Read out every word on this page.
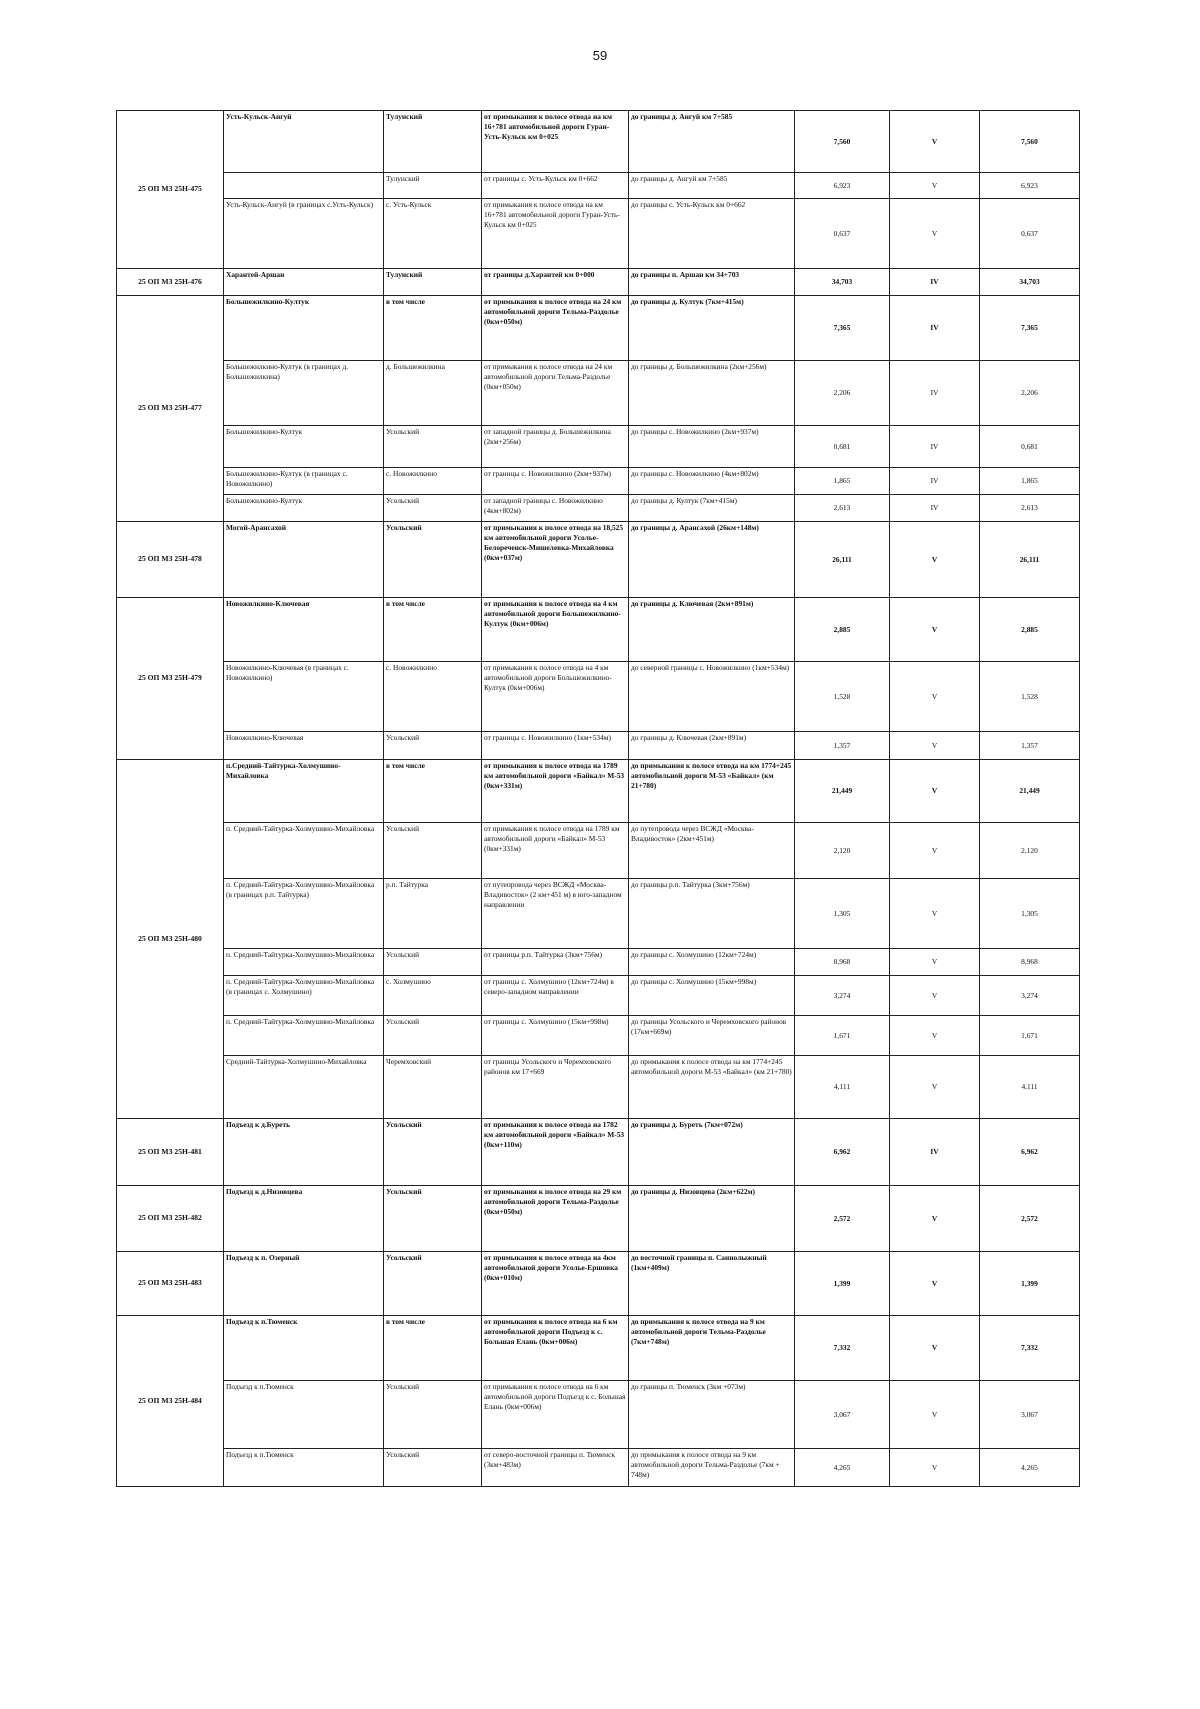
59
25 ОП МЗ 25Н-475	Усть-Кульск-Ангуй	Тулунский	от примыкания к полосе отвода на км 16+781 автомобильной дороги Гуран-Усть-Кульск км 0+025	до границы д. Ангуй км 7+585	7,560	V	7,560
		Тулунский	от границы с. Усть-Кульск км 0+662	до границы д. Ангуй км 7+585	6,923	V	6,923
	Усть-Кульск-Ангуй (в границах с.Усть-Кульск)	с. Усть-Кульск	от примыкания к полосе отвода на км 16+781 автомобильной дороги Гуран-Усть-Кульск км 0+025	до границы с. Усть-Кульск км 0+662	0,637	V	0,637
25 ОП МЗ 25Н-476	Харантей-Аршан	Тулунский	от границы д.Харантей км 0+000	до границы п. Аршан км 34+703	34,703	IV	34,703
25 ОП МЗ 25Н-477	Большежилкино-Култук	в том числе	от примыкания к полосе отвода на 24 км автомобильной дороги Тельма-Раздолье (0км+050м)	до границы д. Култук (7км+415м)	7,365	IV	7,365
	Большежилкино-Култук (в границах д. Большежилкина)	д. Большежилкина	от примыкания к полосе отвода на 24 км автомобильной дороги Тельма-Раздолье (0км+050м)	до границы д. Большежилкина (2км+256м)	2,206	IV	2,206
	Большежилкино-Култук	Усольский	от западной границы д. Большежилкина (2км+256м)	до границы с. Новожилкино (2км+937м)	0,681	IV	0,681
	Большежилкино-Култук (в границах с. Новожилкино)	с. Новожилкино	от границы с. Новожилкино (2км+937м)	до границы с. Новожилкино (4км+802м)	1,865	IV	1,865
	Большежилкино-Култук	Усольский	от западной границы с. Новожилкино (4км+802м)	до границы д. Култук (7км+415м)	2,613	IV	2,613
25 ОП МЗ 25Н-478	Могой-Арансахой	Усольский	от примыкания к полосе отвода на 18,525 км автомобильной дороги Усолье-Белореченск-Мишелевка-Михайловка (0км+037м)	до границы д. Арансахой (26км+148м)	26,111	V	26,111
25 ОП МЗ 25Н-479	Новожилкино-Ключевая	в том числе	от примыкания к полосе отвода на 4 км автомобильной дороги Большежилкино-Култук (0км+006м)	до границы д. Ключевая (2км+891м)	2,885	V	2,885
	Новожилкино-Ключевая (в границах с. Новожилкино)	с. Новожилкино	от примыкания к полосе отвода на 4 км автомобильной дороги Большежилкино-Култук (0км+006м)	до северной границы с. Новожилкино (1км+534м)	1,528	V	1,528
	Новожилкино-Ключевая	Усольский	от границы с. Новожилкино (1км+534м)	до границы д. Ключевая (2км+891м)	1,357	V	1,357
25 ОП МЗ 25Н-480	п.Средний-Тайтурка-Холмушино-Михайловка	в том числе	от примыкания к полосе отвода на 1789 км автомобильной дороги «Байкал» М-53 (0км+331м)	до примыкания к полосе отвода на км 1774+245 автомобильной дороги М-53 «Байкал» (км 21+780)	21,449	V	21,449
	п. Средний-Тайтурка-Холмушино-Михайловка	Усольский	от примыкания к полосе отвода на 1789 км автомобильной дороги «Байкал» М-53 (0км+331м)	до путепровода через ВСЖД «Москва-Владивосток» (2км+451м)	2,120	V	2,120
	п. Средний-Тайтурка-Холмушино-Михайловка (в границах р.п. Тайтурка)	р.п. Тайтурка	от путепровода через ВСЖД «Москва-Владивосток» (2 км+451 м) в юго-западном направлении	до границы р.п. Тайтурка (3км+756м)	1,305	V	1,305
	п. Средний-Тайтурка-Холмушино-Михайловка	Усольский	от границы р.п. Тайтурка (3км+756м)	до границы с. Холмушино (12км+724м)	8,968	V	8,968
	п. Средний-Тайтурка-Холмушино-Михайловка (в границах с. Холмушино)	с. Холмушино	от границы с. Холмушино (12км+724м) в северо-западном направлении	до границы с. Холмушино (15км+998м)	3,274	V	3,274
	п. Средний-Тайтурка-Холмушино-Михайловка	Усольский	от границы с. Холмушино (15км+998м)	до границы Усольского и Черемховского районов (17км+669м)	1,671	V	1,671
	Средний-Тайтурка-Холмушино-Михайловка	Черемховский	от границы Усольского и Черемховского районов км 17+669	до примыкания к полосе отвода на км 1774+245 автомобильной дороги М-53 «Байкал» (км 21+780)	4,111	V	4,111
25 ОП МЗ 25Н-481	Подъезд к д.Буреть	Усольский	от примыкания к полосе отвода на 1782 км автомобильной дороги «Байкал» М-53 (0км+110м)	до границы д. Буреть (7км+072м)	6,962	IV	6,962
25 ОП МЗ 25Н-482	Подъезд к д.Низовцева	Усольский	от примыкания к полосе отвода на 29 км автомобильной дороги Тельма-Раздолье (0км+050м)	до границы д. Низовцева (2км+622м)	2,572	V	2,572
25 ОП МЗ 25Н-483	Подъезд к п. Озерный	Усольский	от примыкания к полосе отвода на 4км автомобильной дороги Усолье-Ершовка (0км+010м)	до восточной границы п. Саннолыжный (1км+409м)	1,399	V	1,399
25 ОП МЗ 25Н-484	Подъезд к п.Тюменск	в том числе	от примыкания к полосе отвода на 6 км автомобильной дороги Подъезд к с. Большая Елань (0км+006м)	до примыкания к полосе отвода на 9 км автомобильной дороги Тельма-Раздолье (7км+748м)	7,332	V	7,332
	Подъезд к п.Тюменск	Усольский	от примыкания к полосе отвода на 6 км автомобильной дороги Подъезд к с. Большая Елань (0км+006м)	до границы п. Тюменск (3км +073м)	3,067	V	3,067
	Подъезд к п.Тюменск	Усольский	от северо-восточной границы п. Тюменск (3км+483м)	до примыкания к полосе отвода на 9 км автомобильной дороги Тельма-Раздолье (7км + 748м)	4,265	V	4,265
